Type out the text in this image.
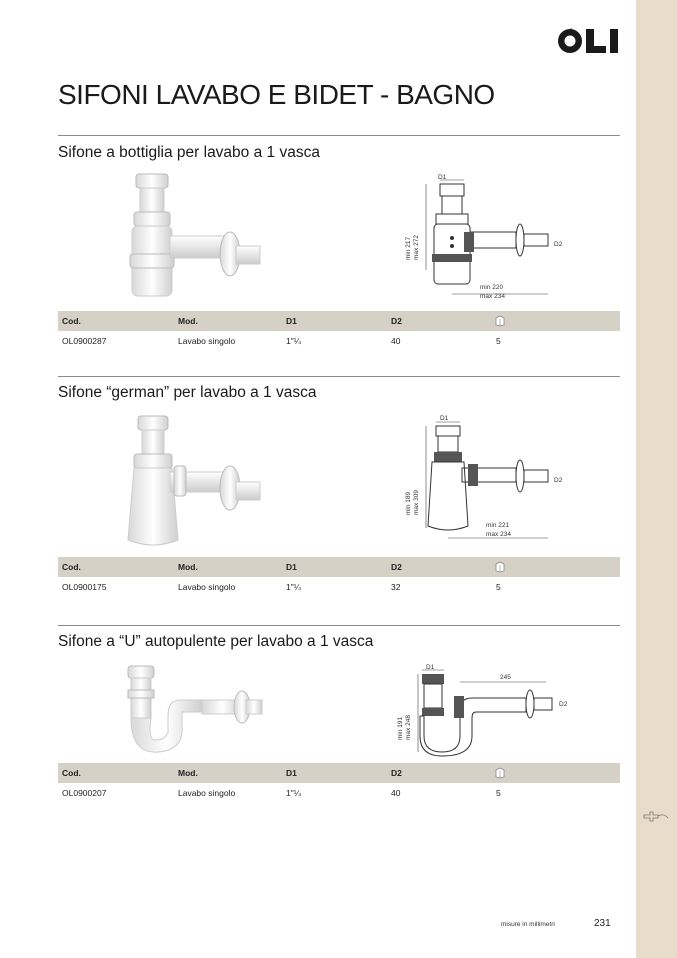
SIFONI LAVABO E BIDET - BAGNO
Sifone a bottiglia per lavabo a 1 vasca
D1
D2
min 217 max 272
min 220
max 234
Cod.	Mod.	D1	D2
OL0900287	Lavabo singolo	1"¼	40	5
Sifone “german” per lavabo a 1 vasca
D1
D2
min 189 max 309
min 221
max 234
Cod.	Mod.	D1	D2
OL0900175	Lavabo singolo	1"¼	32	5
Sifone a “U” autopulente per lavabo a 1 vasca
D1
245
D2
min 191 max 248
Cod.	Mod.	D1	D2
OL0900207	Lavabo singolo	1"¼	40	5
misure in millimetri	231
